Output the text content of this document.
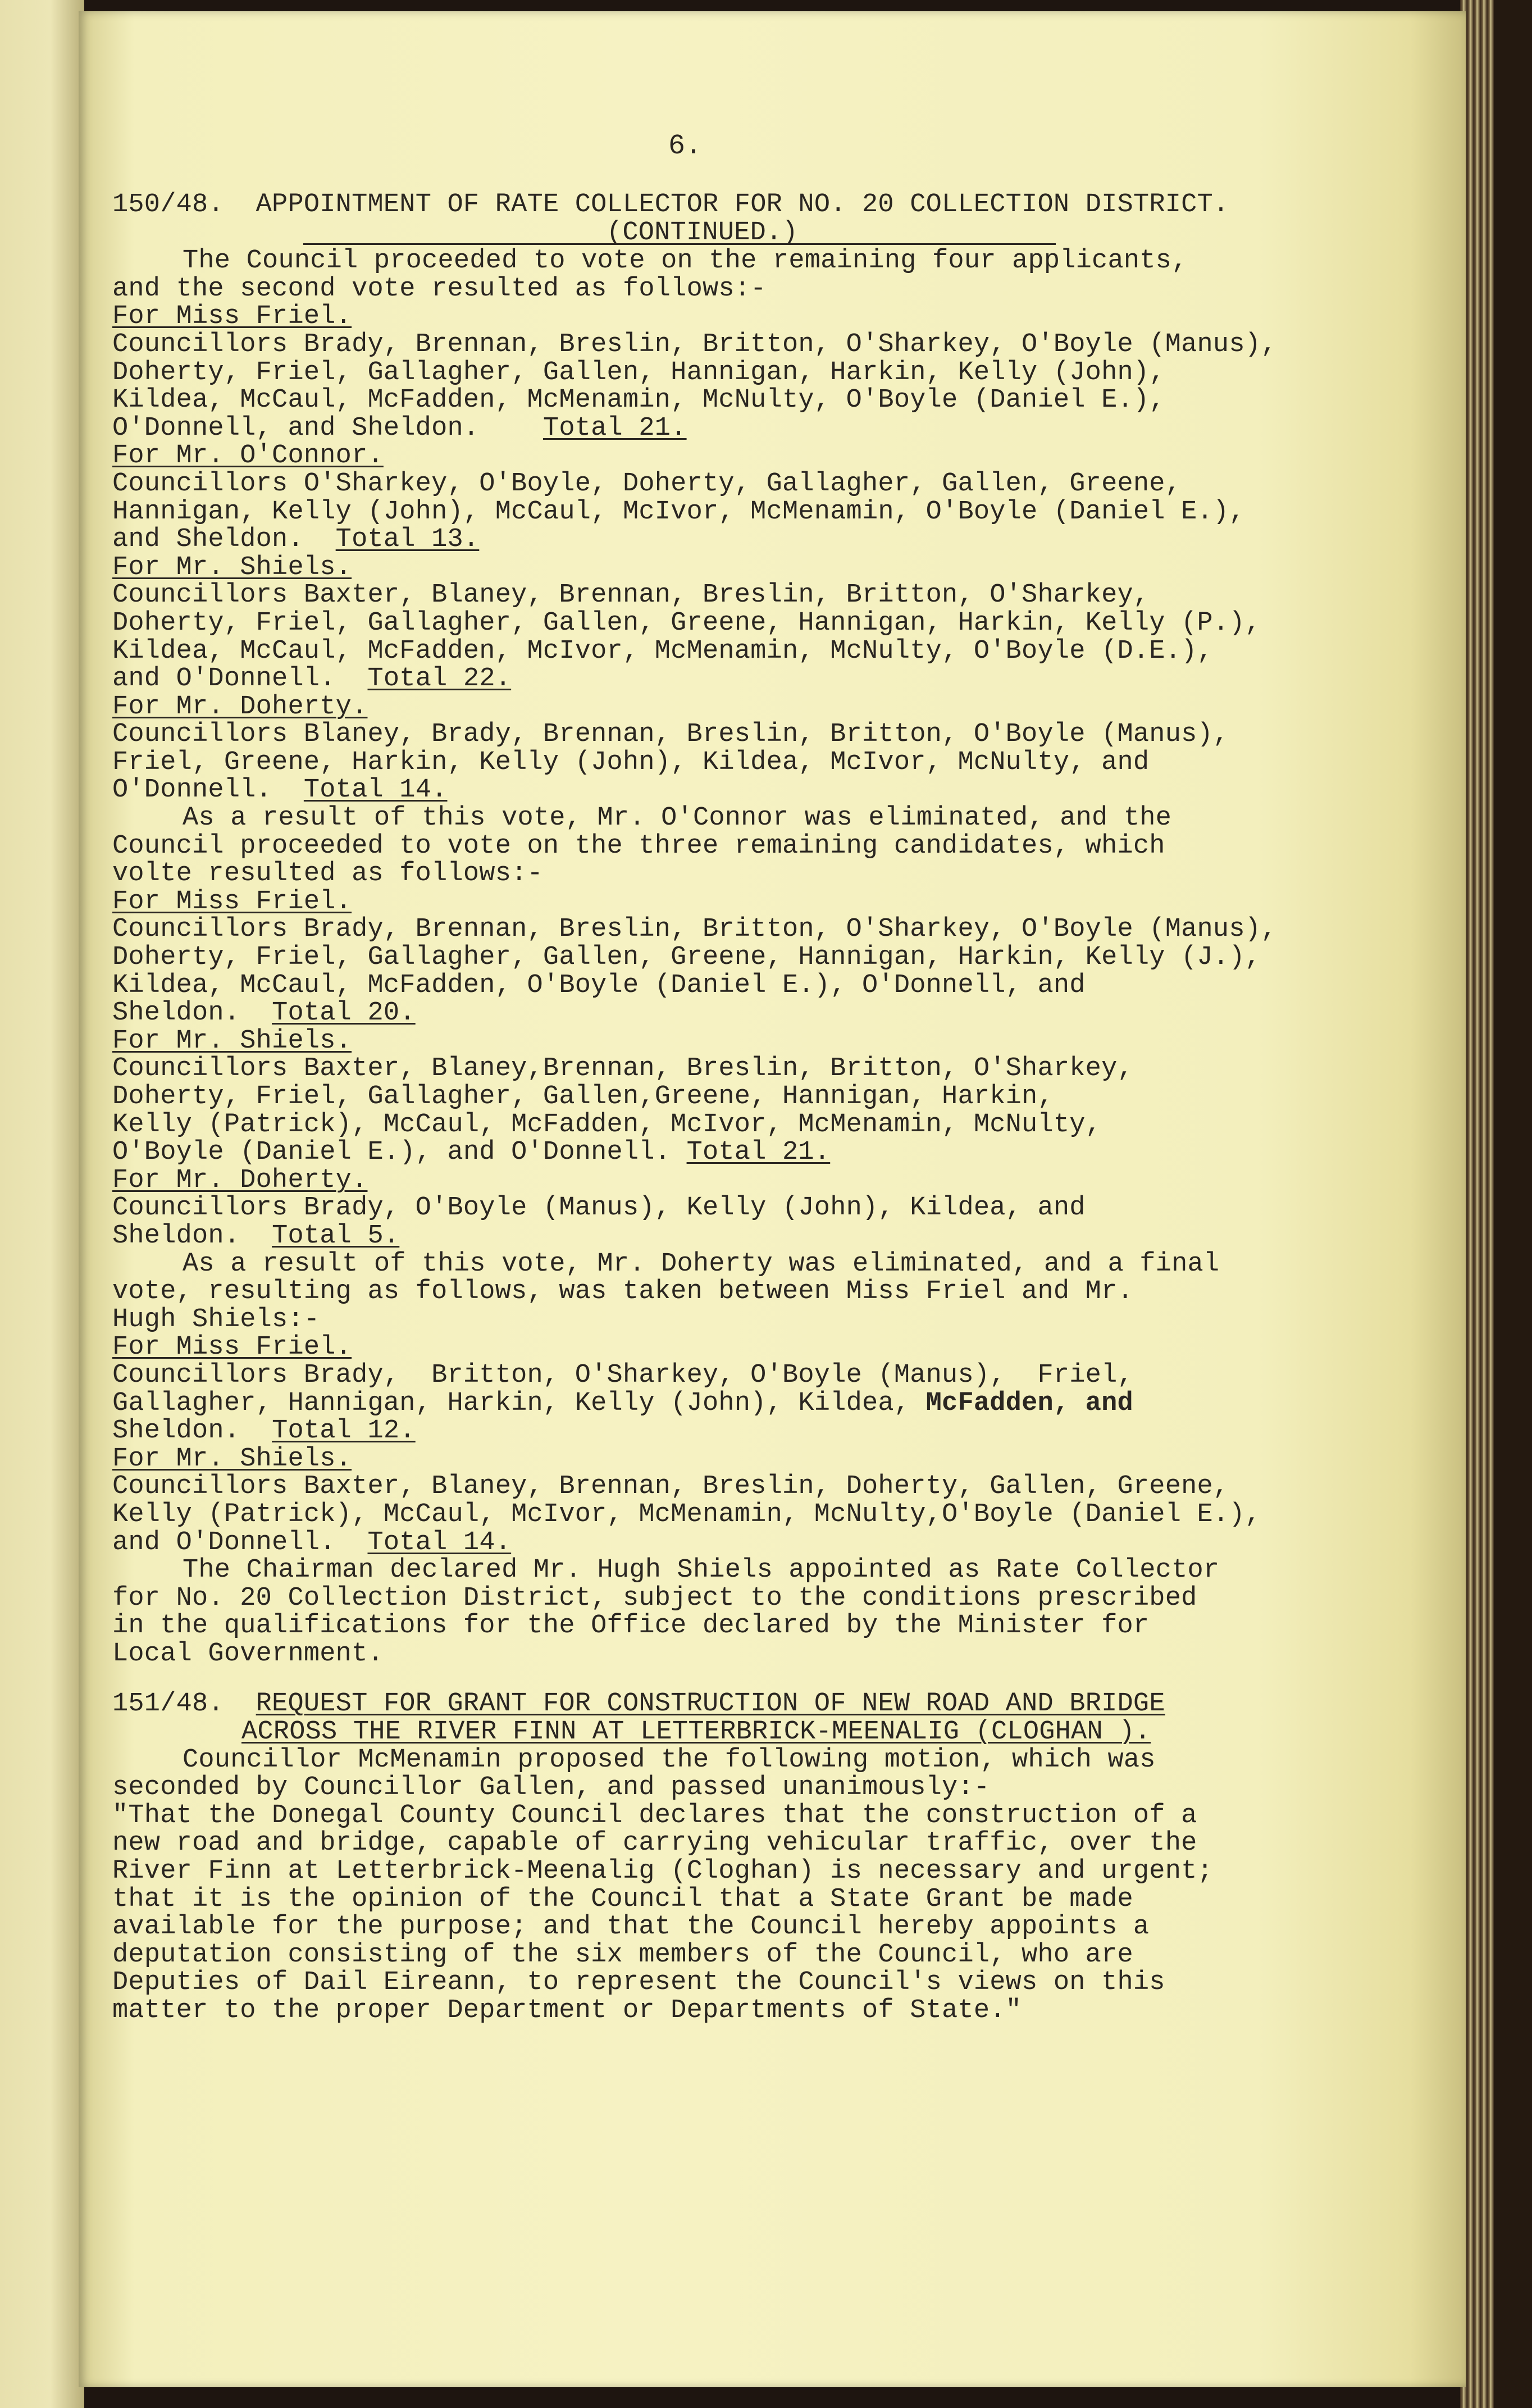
6.
150/48. APPOINTMENT OF RATE COLLECTOR FOR NO. 20 COLLECTION DISTRICT.
(CONTINUED.)
The Council proceeded to vote on the remaining four applicants,
and the second vote resulted as follows:-
For Miss Friel.
Councillors Brady, Brennan, Breslin, Britton, O'Sharkey, O'Boyle (Manus),
Doherty, Friel, Gallagher, Gallen, Hannigan, Harkin, Kelly (John),
Kildea, McCaul, McFadden, McMenamin, McNulty, O'Boyle (Daniel E.),
O'Donnell, and Sheldon. Total 21.
For Mr. O'Connor.
Councillors O'Sharkey, O'Boyle, Doherty, Gallagher, Gallen, Greene,
Hannigan, Kelly (John), McCaul, McIvor, McMenamin, O'Boyle (Daniel E.),
and Sheldon. Total 13.
For Mr. Shiels.
Councillors Baxter, Blaney, Brennan, Breslin, Britton, O'Sharkey,
Doherty, Friel, Gallagher, Gallen, Greene, Hannigan, Harkin, Kelly (P.),
Kildea, McCaul, McFadden, McIvor, McMenamin, McNulty, O'Boyle (D.E.),
and O'Donnell. Total 22.
For Mr. Doherty.
Councillors Blaney, Brady, Brennan, Breslin, Britton, O'Boyle (Manus),
Friel, Greene, Harkin, Kelly (John), Kildea, McIvor, McNulty, and
O'Donnell. Total 14.
As a result of this vote, Mr. O'Connor was eliminated, and the
Council proceeded to vote on the three remaining candidates, which
volte resulted as follows:-
For Miss Friel.
Councillors Brady, Brennan, Breslin, Britton, O'Sharkey, O'Boyle (Manus),
Doherty, Friel, Gallagher, Gallen, Greene, Hannigan, Harkin, Kelly (J.),
Kildea, McCaul, McFadden, O'Boyle (Daniel E.), O'Donnell, and
Sheldon. Total 20.
For Mr. Shiels.
Councillors Baxter, Blaney,Brennan, Breslin, Britton, O'Sharkey,
Doherty, Friel, Gallagher, Gallen,Greene, Hannigan, Harkin,
Kelly (Patrick), McCaul, McFadden, McIvor, McMenamin, McNulty,
O'Boyle (Daniel E.), and O'Donnell. Total 21.
For Mr. Doherty.
Councillors Brady, O'Boyle (Manus), Kelly (John), Kildea, and
Sheldon. Total 5.
As a result of this vote, Mr. Doherty was eliminated, and a final
vote, resulting as follows, was taken between Miss Friel and Mr.
Hugh Shiels:-
For Miss Friel.
Councillors Brady,  Britton, O'Sharkey, O'Boyle (Manus),  Friel,
Gallagher, Hannigan, Harkin, Kelly (John), Kildea, McFadden, and
Sheldon. Total 12.
For Mr. Shiels.
Councillors Baxter, Blaney, Brennan, Breslin, Doherty, Gallen, Greene,
Kelly (Patrick), McCaul, McIvor, McMenamin, McNulty,O'Boyle (Daniel E.),
and O'Donnell. Total 14.
The Chairman declared Mr. Hugh Shiels appointed as Rate Collector
for No. 20 Collection District, subject to the conditions prescribed
in the qualifications for the Office declared by the Minister for
Local Government.
151/48. REQUEST FOR GRANT FOR CONSTRUCTION OF NEW ROAD AND BRIDGE
ACROSS THE RIVER FINN AT LETTERBRICK-MEENALIG (CLOGHAN ).
Councillor McMenamin proposed the following motion, which was
seconded by Councillor Gallen, and passed unanimously:-
"That the Donegal County Council declares that the construction of a
new road and bridge, capable of carrying vehicular traffic, over the
River Finn at Letterbrick-Meenalig (Cloghan) is necessary and urgent;
that it is the opinion of the Council that a State Grant be made
available for the purpose; and that the Council hereby appoints a
deputation consisting of the six members of the Council, who are
Deputies of Dail Eireann, to represent the Council's views on this
matter to the proper Department or Departments of State."
